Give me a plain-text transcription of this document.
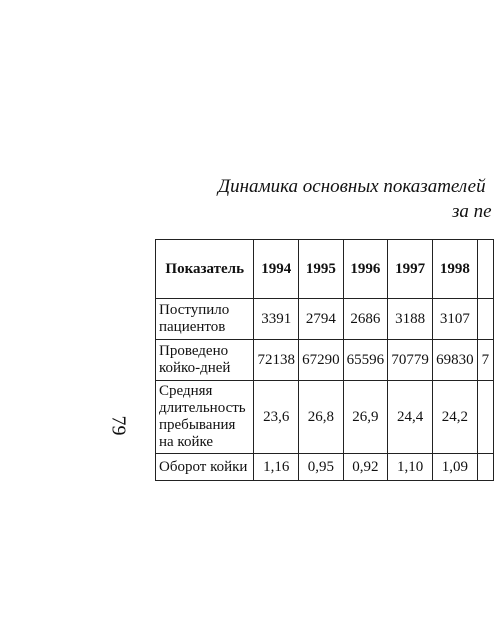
Динамика основных показателей
за пе
79
Показатель	1994	1995	1996	1997	1998	
Поступило пациентов	3391	2794	2686	3188	3107	
Проведено койко-дней	72138	67290	65596	70779	69830	7
Средняя длительность пребывания на койке	23,6	26,8	26,9	24,4	24,2	
Оборот койки	1,16	0,95	0,92	1,10	1,09	
